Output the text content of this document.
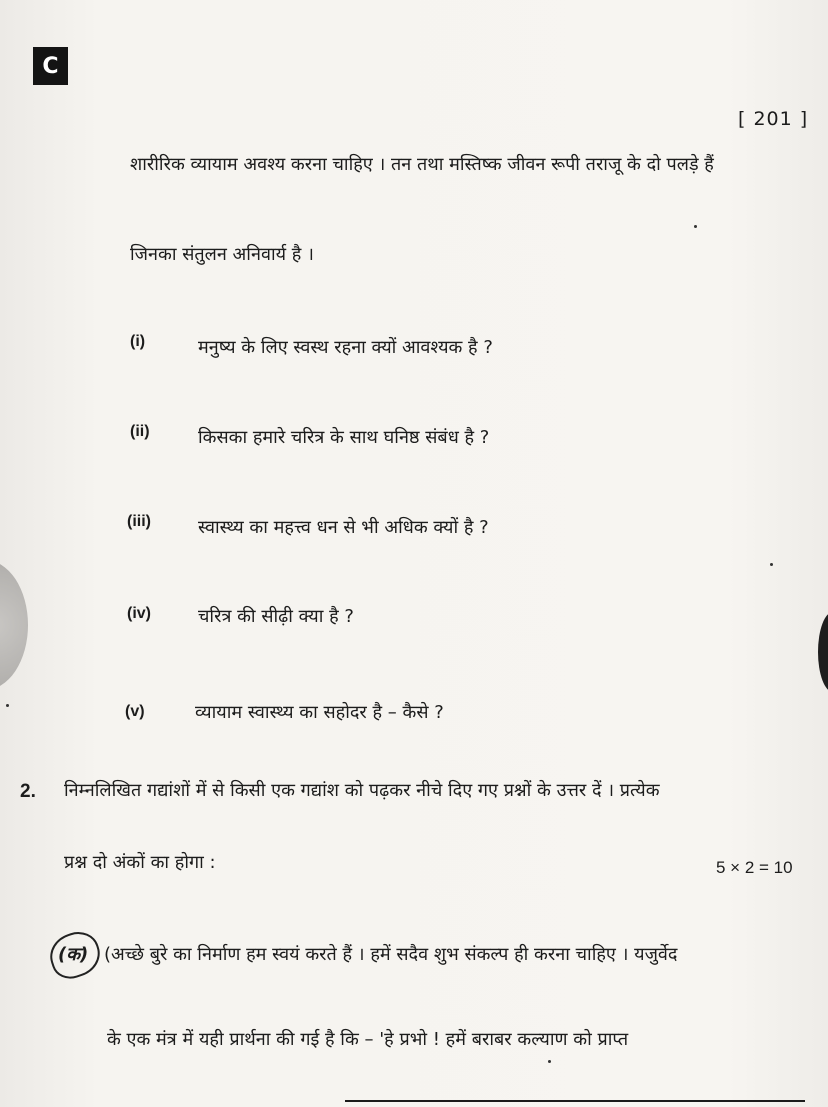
C
[ 201 ]
शारीरिक व्यायाम अवश्य करना चाहिए । तन तथा मस्तिष्क जीवन रूपी तराजू के दो पलड़े हैं
जिनका संतुलन अनिवार्य है ।
(i)	मनुष्य के लिए स्वस्थ रहना क्यों आवश्यक है ?
(ii)	किसका हमारे चरित्र के साथ घनिष्ठ संबंध है ?
(iii)	स्वास्थ्य का महत्त्व धन से भी अधिक क्यों है ?
(iv)	चरित्र की सीढ़ी क्या है ?
(v)	व्यायाम स्वास्थ्य का सहोदर है – कैसे ?
2. निम्नलिखित गद्यांशों में से किसी एक गद्यांश को पढ़कर नीचे दिए गए प्रश्नों के उत्तर दें । प्रत्येक
प्रश्न दो अंकों का होगा :	5 × 2 = 10
(क) (अच्छे बुरे का निर्माण हम स्वयं करते हैं । हमें सदैव शुभ संकल्प ही करना चाहिए । यजुर्वेद
के एक मंत्र में यही प्रार्थना की गई है कि – 'हे प्रभो ! हमें बराबर कल्याण को प्राप्त
